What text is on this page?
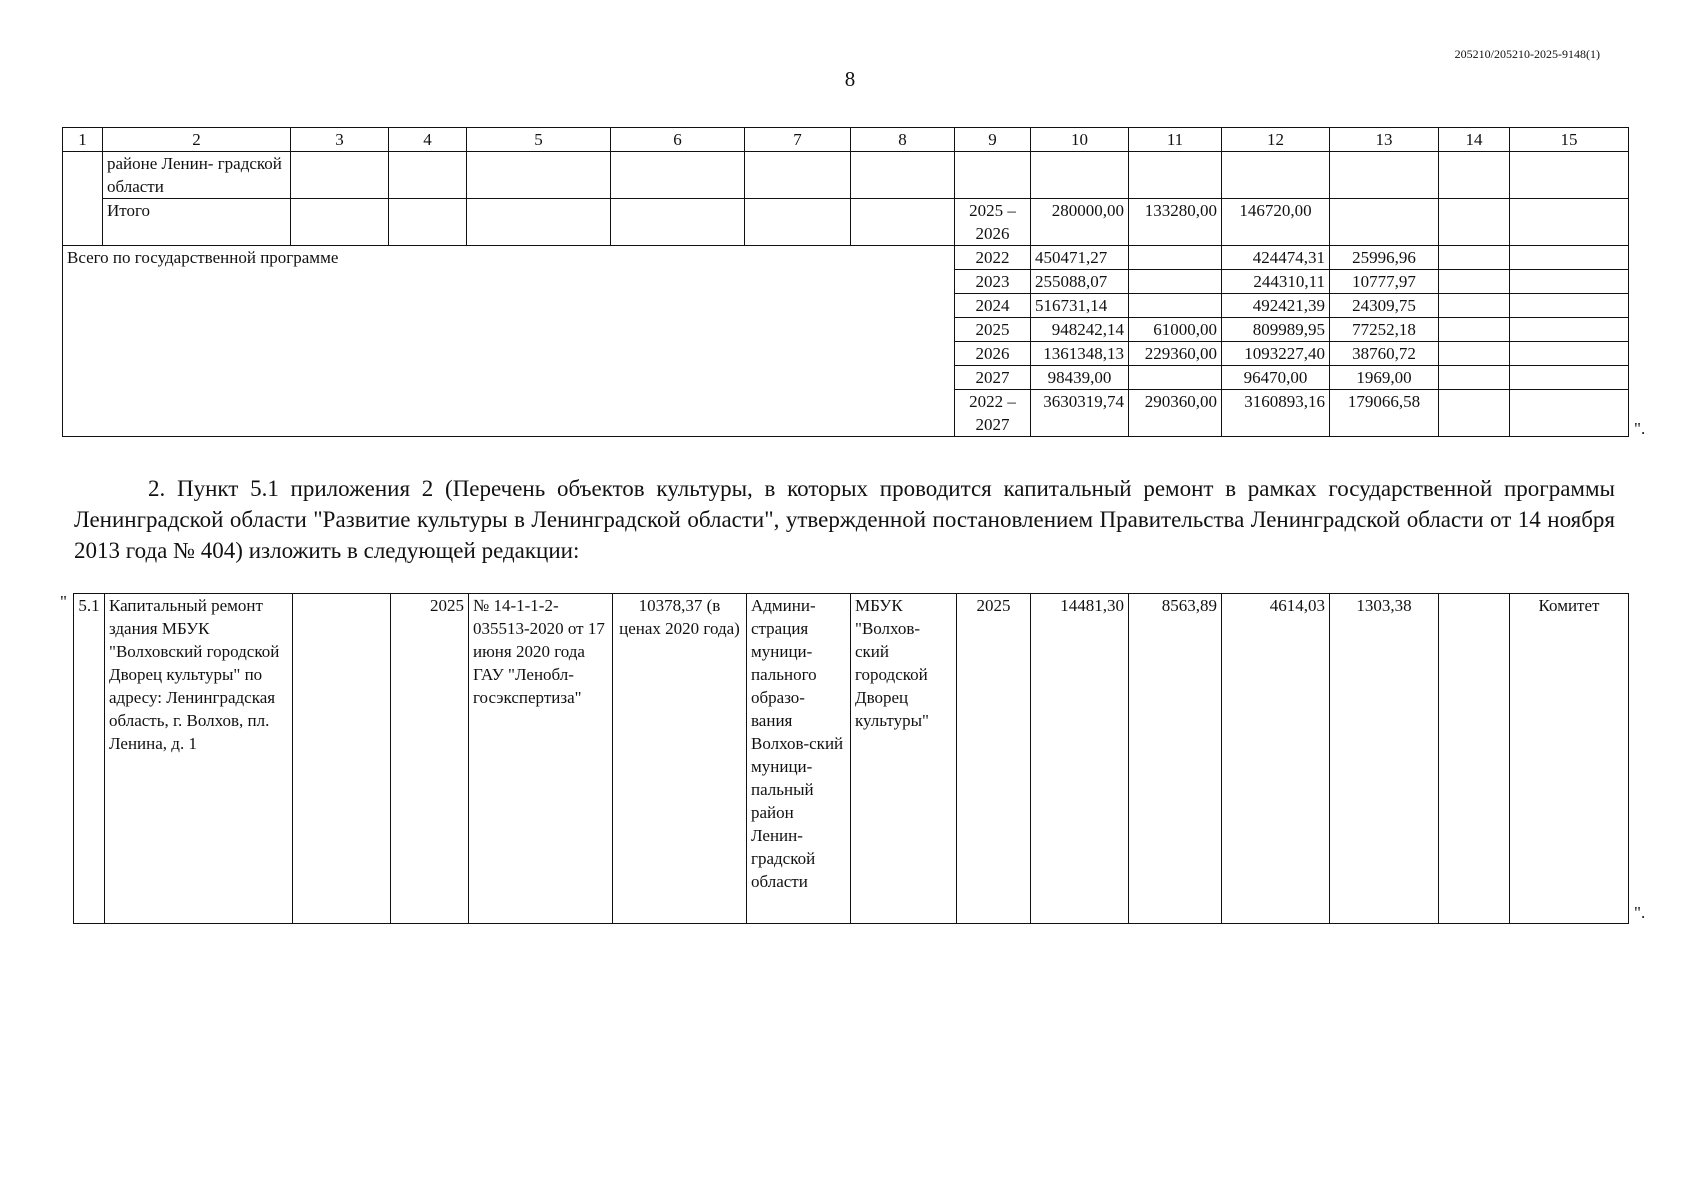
205210/205210-2025-9148(1)
8
1	2	3	4	5	6	7	8	9	10	11	12	13	14	15
	районе Ленин- градской области													
	Итого							2025 – 2026	280000,00	133280,00	146720,00			
Всего по государственной программе								2022	450471,27		424474,31	25996,96		
								2023	255088,07		244310,11	10777,97		
								2024	516731,14		492421,39	24309,75		
								2025	948242,14	61000,00	809989,95	77252,18		
								2026	1361348,13	229360,00	1093227,40	38760,72		
								2027	98439,00		96470,00	1969,00		
								2022 – 2027	3630319,74	290360,00	3160893,16	179066,58		
".

2. Пункт 5.1 приложения 2 (Перечень объектов культуры, в которых проводится капитальный ремонт в рамках государственной программы Ленинградской области "Развитие культуры в Ленинградской области", утвержденной постановлением Правительства Ленинградской области от 14 ноября 2013 года № 404) изложить в следующей редакции:

" 5.1	Капитальный ремонт здания МБУК "Волховский городской Дворец культуры" по адресу: Ленинградская область, г. Волхов, пл. Ленина, д. 1		2025	№ 14-1-1-2-035513-2020 от 17 июня 2020 года ГАУ "Ленобл-госэкспертиза"	10378,37 (в ценах 2020 года)	Админи-страция муници-пального образо-вания Волхов-ский муници-пальный район Ленин-градской области	МБУК "Волхов-ский городской Дворец культуры"	2025	14481,30	8563,89	4614,03	1303,38		Комитет
".
